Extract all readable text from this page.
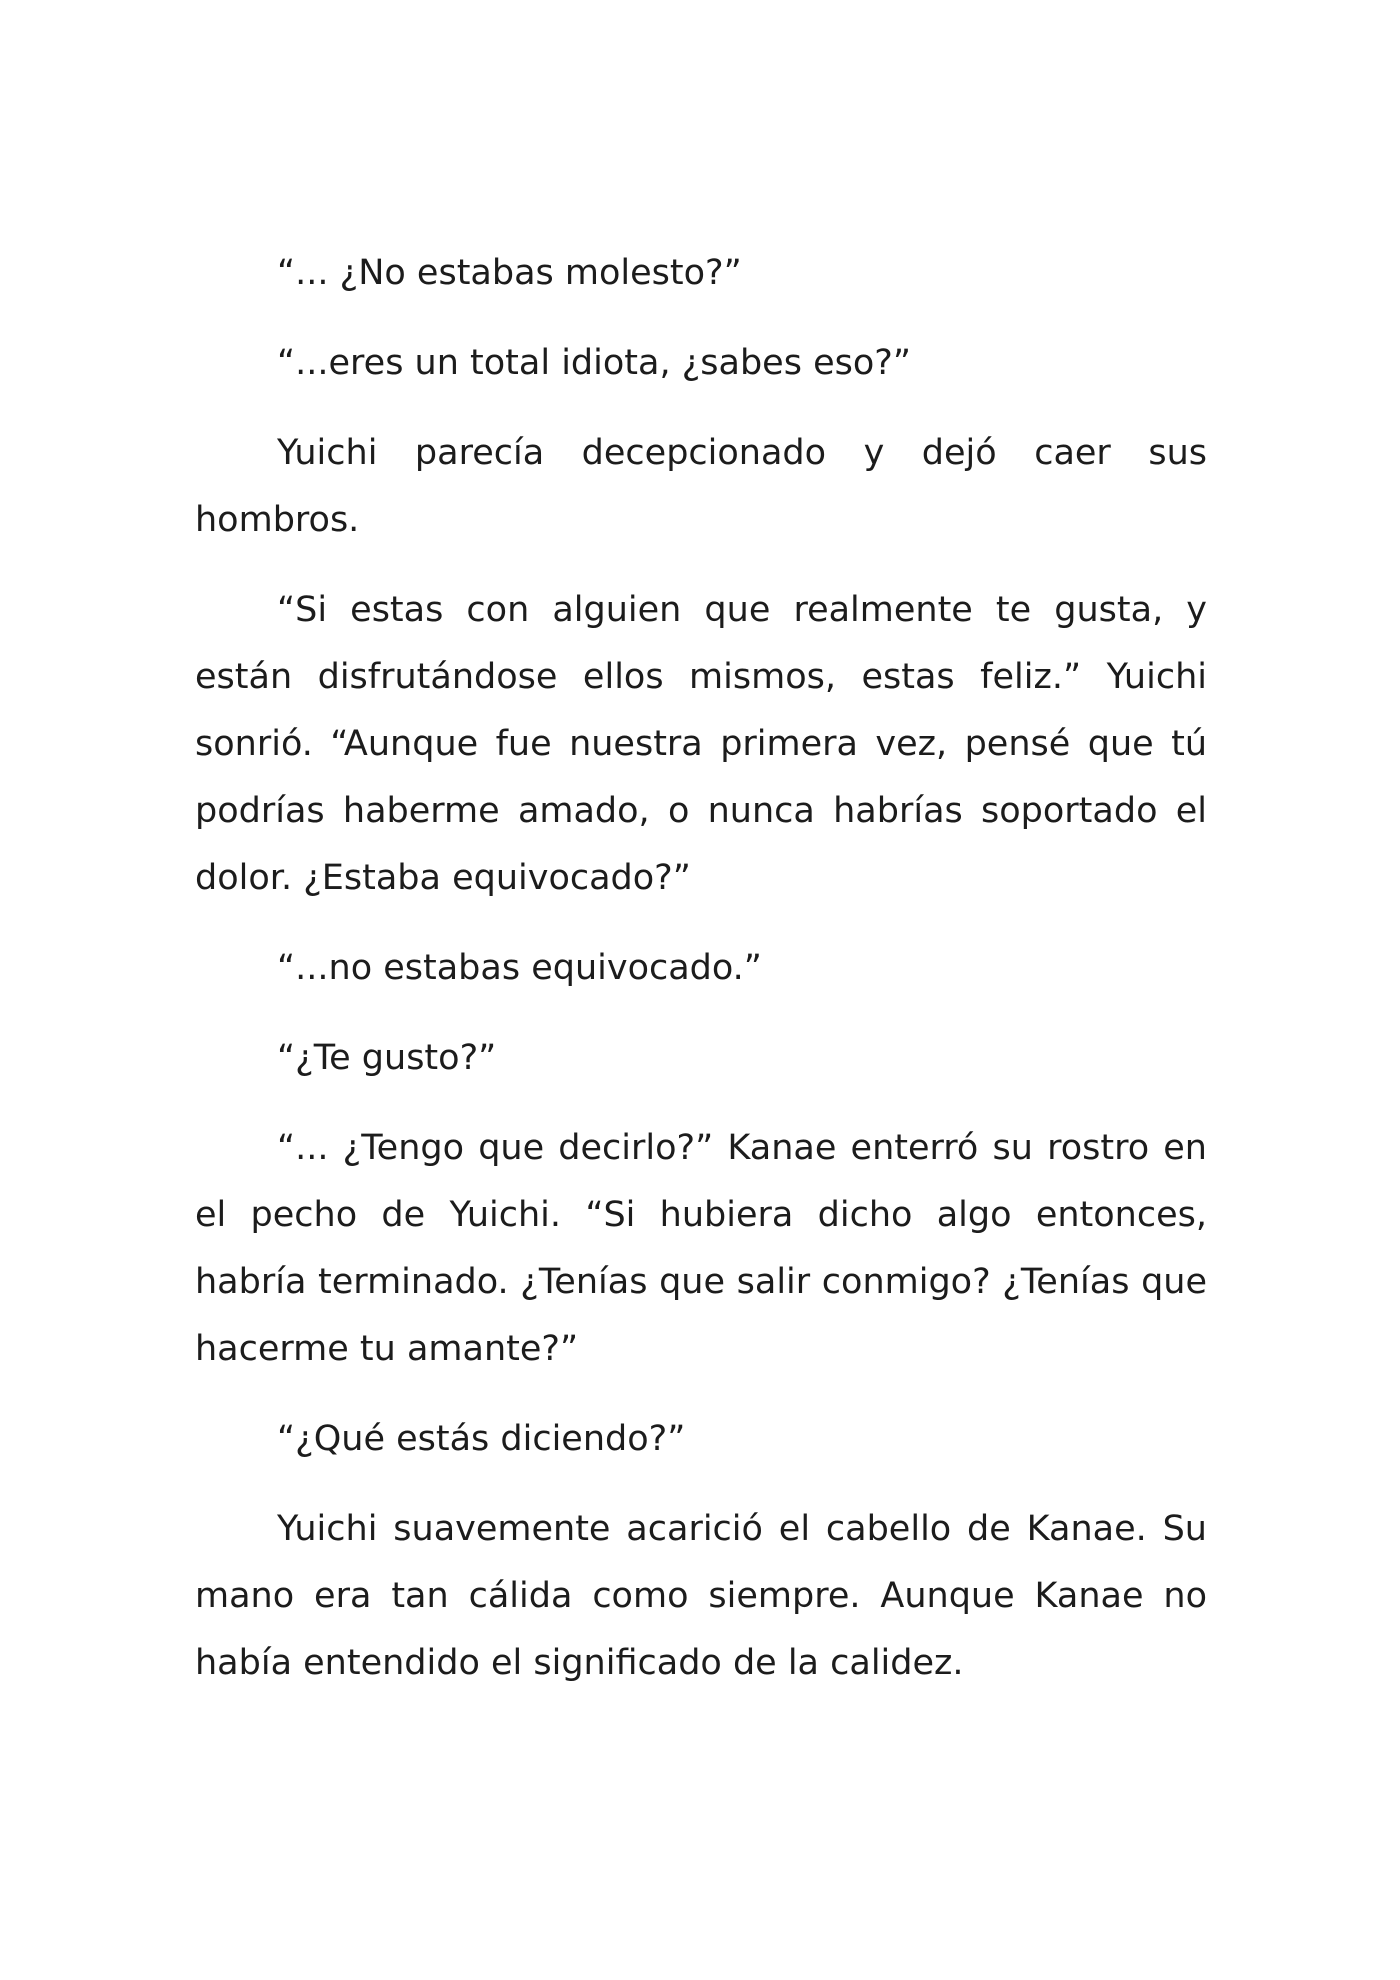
“... ¿No estabas molesto?”

“...eres un total idiota, ¿sabes eso?”

Yuichi parecía decepcionado y dejó caer sus hombros.

“Si estas con alguien que realmente te gusta, y están disfrutándose ellos mismos, estas feliz.” Yuichi sonrió. “Aunque fue nuestra primera vez, pensé que tú podrías haberme amado, o nunca habrías soportado el dolor. ¿Estaba equivocado?”

“...no estabas equivocado.”

“¿Te gusto?”

“... ¿Tengo que decirlo?” Kanae enterró su rostro en el pecho de Yuichi. “Si hubiera dicho algo entonces, habría terminado. ¿Tenías que salir conmigo? ¿Tenías que hacerme tu amante?”

“¿Qué estás diciendo?”

Yuichi suavemente acarició el cabello de Kanae. Su mano era tan cálida como siempre. Aunque Kanae no había entendido el significado de la calidez.
